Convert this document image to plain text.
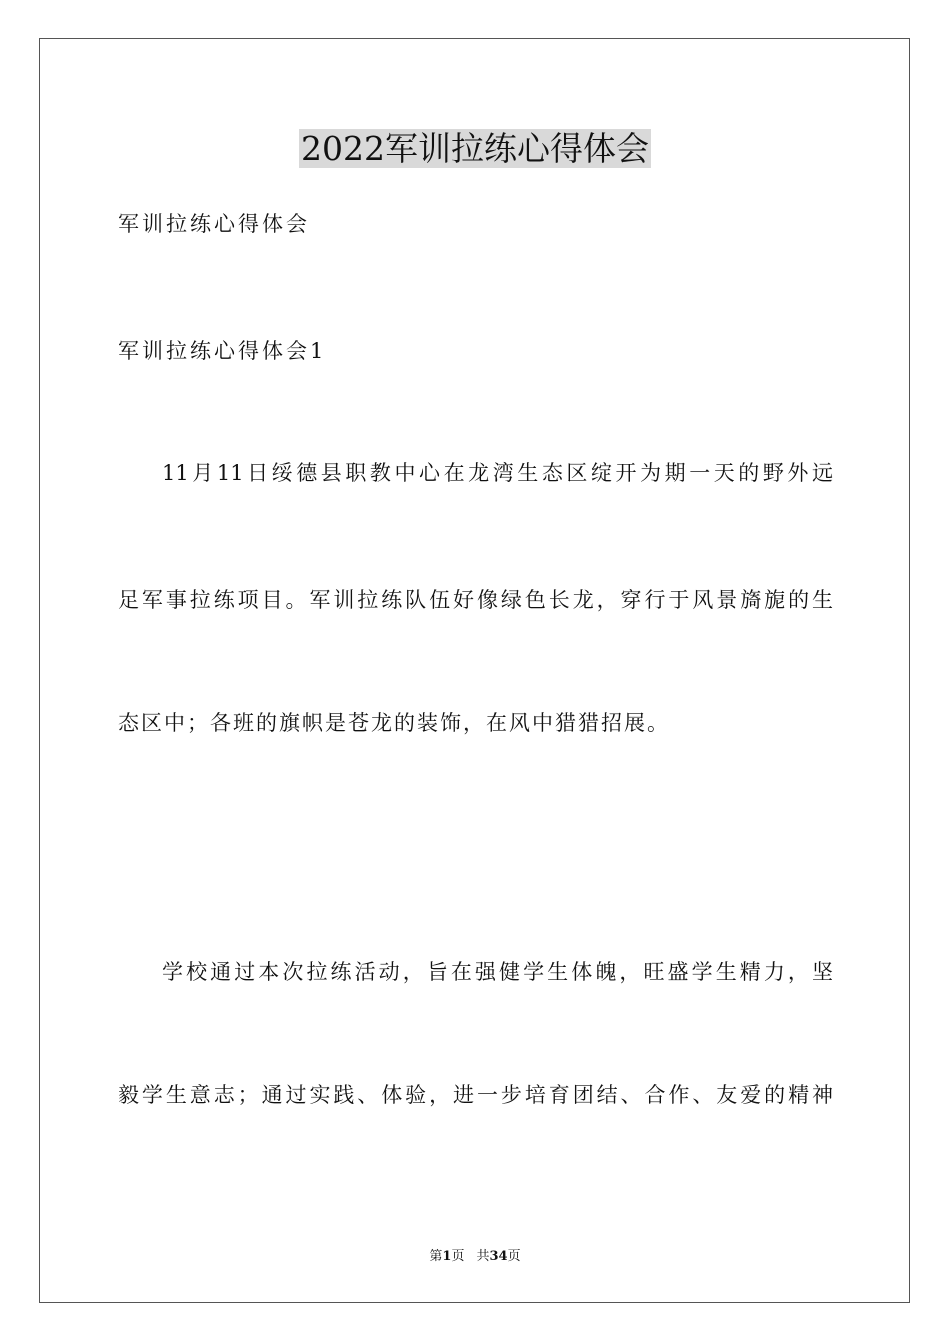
2022军训拉练心得体会
军训拉练心得体会
军训拉练心得体会1
11月11日绥德县职教中心在龙湾生态区绽开为期一天的野外远
足军事拉练项目。军训拉练队伍好像绿色长龙，穿行于风景旖旎的生
态区中；各班的旗帜是苍龙的装饰，在风中猎猎招展。
学校通过本次拉练活动，旨在强健学生体魄，旺盛学生精力，坚
毅学生意志；通过实践、体验，进一步培育团结、合作、友爱的精神
第1页 共34页
